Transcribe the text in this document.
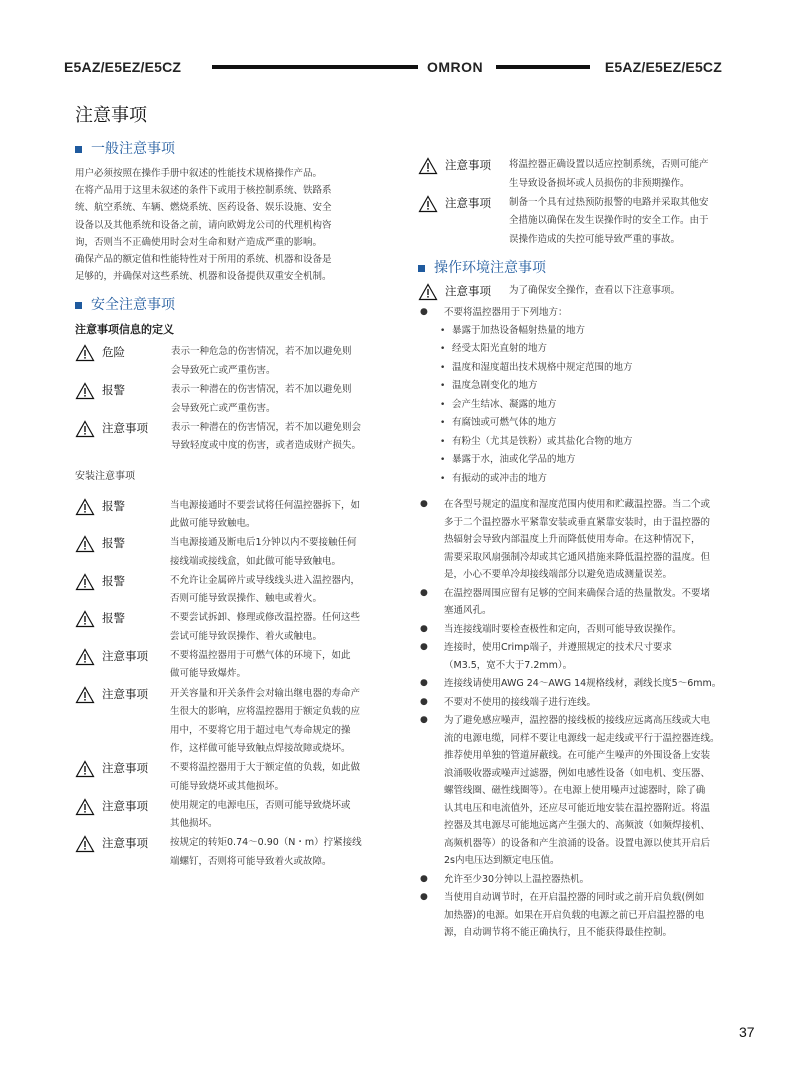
E5AZ/E5EZ/E5CZ	OMRON	E5AZ/E5EZ/E5CZ
注意事项
一般注意事项
用户必须按照在操作手册中叙述的性能技术规格操作产品。
在将产品用于这里未叙述的条件下或用于核控制系统、铁路系
统、航空系统、车辆、燃烧系统、医药设备、娱乐设施、安全
设备以及其他系统和设备之前，请向欧姆龙公司的代理机构咨
询，否则当不正确使用时会对生命和财产造成严重的影响。
确保产品的额定值和性能特性对于所用的系统、机器和设备是
足够的，并确保对这些系统、机器和设备提供双重安全机制。
安全注意事项
注意事项信息的定义
危险	表示一种危急的伤害情况，若不加以避免则
会导致死亡或严重伤害。
报警	表示一种潜在的伤害情况，若不加以避免则
会导致死亡或严重伤害。
注意事项	表示一种潜在的伤害情况，若不加以避免则会
导致轻度或中度的伤害，或者造成财产损失。
安装注意事项
报警	当电源接通时不要尝试将任何温控器拆下，如
此做可能导致触电。
报警	当电源接通及断电后1分钟以内不要接触任何
接线端或接线盒，如此做可能导致触电。
报警	不允许让金属碎片或导线线头进入温控器内，
否则可能导致误操作、触电或着火。
报警	不要尝试拆卸、修理或修改温控器。任何这些
尝试可能导致误操作、着火或触电。
注意事项	不要将温控器用于可燃气体的环境下，如此
做可能导致爆炸。
注意事项	开关容量和开关条件会对输出继电器的寿命产
生很大的影响，应将温控器用于额定负载的应
用中，不要将它用于超过电气寿命规定的操
作，这样做可能导致触点焊接故障或烧坏。
注意事项	不要将温控器用于大于额定值的负载，如此做
可能导致烧坏或其他损坏。
注意事项	使用规定的电源电压，否则可能导致烧坏或
其他损坏。
注意事项	按规定的转矩0.74～0.90（N・m）拧紧接线
端螺钉，否则将可能导致着火或故障。
注意事项	将温控器正确设置以适应控制系统，否则可能产
生导致设备损坏或人员损伤的非预期操作。
注意事项	制备一个具有过热预防报警的电路并采取其他安
全措施以确保在发生误操作时的安全工作。由于
误操作造成的失控可能导致严重的事故。
操作环境注意事项
注意事项	为了确保安全操作，查看以下注意事项。
● 不要将温控器用于下列地方：
• 暴露于加热设备幅射热量的地方
• 经受太阳光直射的地方
• 温度和湿度超出技术规格中规定范围的地方
• 温度急剧变化的地方
• 会产生结冰、凝露的地方
• 有腐蚀或可燃气体的地方
• 有粉尘（尤其是铁粉）或其盐化合物的地方
• 暴露于水，油或化学品的地方
• 有振动的或冲击的地方
● 在各型号规定的温度和湿度范围内使用和贮藏温控器。当二个或
多于二个温控器水平紧靠安装或垂直紧靠安装时，由于温控器的
热辐射会导致内部温度上升而降低使用寿命。在这种情况下，
需要采取风扇强制冷却或其它通风措施来降低温控器的温度。但
是，小心不要单冷却接线端部分以避免造成测量误差。
● 在温控器周围应留有足够的空间来确保合适的热量散发。不要堵
塞通风孔。
● 当连接线端时要检查极性和定向，否则可能导致误操作。
● 连接时，使用Crimp端子，并遵照规定的技术尺寸要求
（M3.5，宽不大于7.2mm）。
● 连接线请使用AWG 24～AWG 14规格线材，剥线长度5～6mm。
● 不要对不使用的接线端子进行连线。
● 为了避免感应噪声，温控器的接线板的接线应远离高压线或大电
流的电源电缆，同样不要让电源线一起走线或平行于温控器连线。
推荐使用单独的管道屏蔽线。在可能产生噪声的外围设备上安装
浪涌吸收器或噪声过滤器，例如电感性设备（如电机、变压器、
螺管线圈、磁性线圈等）。在电源上使用噪声过滤器时，除了确
认其电压和电流值外，还应尽可能近地安装在温控器附近。将温
控器及其电源尽可能地远离产生强大的、高频波（如频焊接机、
高频机器等）的设备和产生浪涌的设备。设置电源以使其开启后
2s内电压达到额定电压值。
● 允许至少30分钟以上温控器热机。
● 当使用自动调节时，在开启温控器的同时或之前开启负载(例如
加热器)的电源。如果在开启负载的电源之前已开启温控器的电
源，自动调节将不能正确执行，且不能获得最佳控制。
37
